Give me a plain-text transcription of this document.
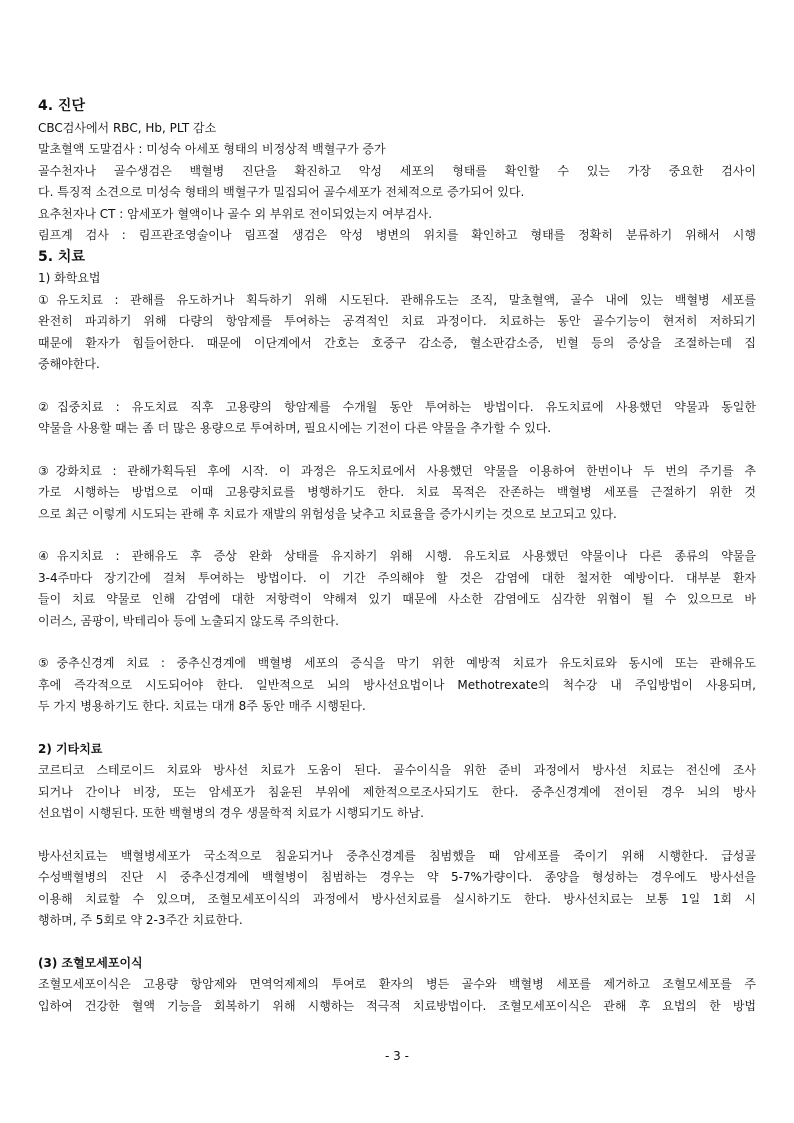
4. 진단
CBC검사에서 RBC, Hb, PLT 감소
말초혈액 도말검사 : 미성숙 아세포 형태의 비정상적 백혈구가 증가
골수천자나 골수생검은 백혈병 진단을 확진하고 악성 세포의 형태를 확인할 수 있는 가장 중요한 검사이
다. 특징적 소견으로 미성숙 형태의 백혈구가 밀집되어 골수세포가 전체적으로 증가되어 있다.
요추천자나 CT : 암세포가 혈액이나 골수 외 부위로 전이되었는지 여부검사.
림프계 검사 : 림프관조영술이나 림프절 생검은 악성 병변의 위치를 확인하고 형태를 정확히 분류하기 위해서 시행
5. 치료
1) 화학요법
①유도치료 : 관해를 유도하거나 획득하기 위해 시도된다. 관해유도는 조직, 말초혈액, 골수 내에 있는 백혈병 세포를
완전히 파괴하기 위해 다량의 항암제를 투여하는 공격적인 치료 과정이다. 치료하는 동안 골수기능이 현저히 저하되기
때문에 환자가 힘들어한다. 때문에 이단계에서 간호는 호중구 감소증, 혈소판감소증, 빈혈 등의 증상을 조절하는데 집
중해야한다.
②집중치료 : 유도치료 직후 고용량의 항암제를 수개월 동안 투여하는 방법이다. 유도치료에 사용했던 약물과 동일한
약물을 사용할 때는 좀 더 많은 용량으로 투여하며, 필요시에는 기전이 다른 약물을 추가할 수 있다.
③강화치료 : 관해가획득된 후에 시작. 이 과정은 유도치료에서 사용했던 약물을 이용하여 한번이나 두 번의 주기를 추
가로 시행하는 방법으로 이때 고용량치료를 병행하기도 한다. 치료 목적은 잔존하는 백혈병 세포를 근절하기 위한 것
으로 최근 이렇게 시도되는 관해 후 치료가 재발의 위험성을 낮추고 치료율을 증가시키는 것으로 보고되고 있다.
④유지치료 : 관해유도 후 증상 완화 상태를 유지하기 위해 시행. 유도치료 사용했던 약물이나 다른 종류의 약물을
3-4주마다 장기간에 걸쳐 투여하는 방법이다. 이 기간 주의해야 할 것은 감염에 대한 철저한 예방이다. 대부분 환자
들이 치료 약물로 인해 감염에 대한 저항력이 약해져 있기 때문에 사소한 감염에도 심각한 위협이 될 수 있으므로 바
이러스, 곰팡이, 박테리아 등에 노출되지 않도록 주의한다.
⑤중추신경계 치료 : 중추신경계에 백혈병 세포의 증식을 막기 위한 예방적 치료가 유도치료와 동시에 또는 관해유도
후에 즉각적으로 시도되어야 한다. 일반적으로 뇌의 방사선요법이나 Methotrexate의 척수강 내 주입방법이 사용되며,
두 가지 병용하기도 한다. 치료는 대개 8주 동안 매주 시행된다.
2) 기타치료
코르티코 스테로이드 치료와 방사선 치료가 도움이 된다. 골수이식을 위한 준비 과정에서 방사선 치료는 전신에 조사
되거나 간이나 비장, 또는 암세포가 침윤된 부위에 제한적으로조사되기도 한다. 중추신경계에 전이된 경우 뇌의 방사
선요법이 시행된다. 또한 백혈병의 경우 생물학적 치료가 시행되기도 하남.
방사선치료는 백혈병세포가 국소적으로 침윤되거나 중추신경계를 침범했을 때 암세포를 죽이기 위해 시행한다. 급성골
수성백혈병의 진단 시 중추신경계에 백혈병이 침범하는 경우는 약 5-7%가량이다. 종양을 형성하는 경우에도 방사선을
이용해 치료할 수 있으며, 조혈모세포이식의 과정에서 방사선치료를 실시하기도 한다. 방사선치료는 보통 1일 1회 시
행하며, 주 5회로 약 2-3주간 치료한다.
(3) 조혈모세포이식
조혈모세포이식은 고용량 항암제와 면역억제제의 투여로 환자의 병든 골수와 백혈병 세포를 제거하고 조혈모세포를 주
입하여 건강한 혈액 기능을 회복하기 위해 시행하는 적극적 치료방법이다. 조혈모세포이식은 관해 후 요법의 한 방법
- 3 -
